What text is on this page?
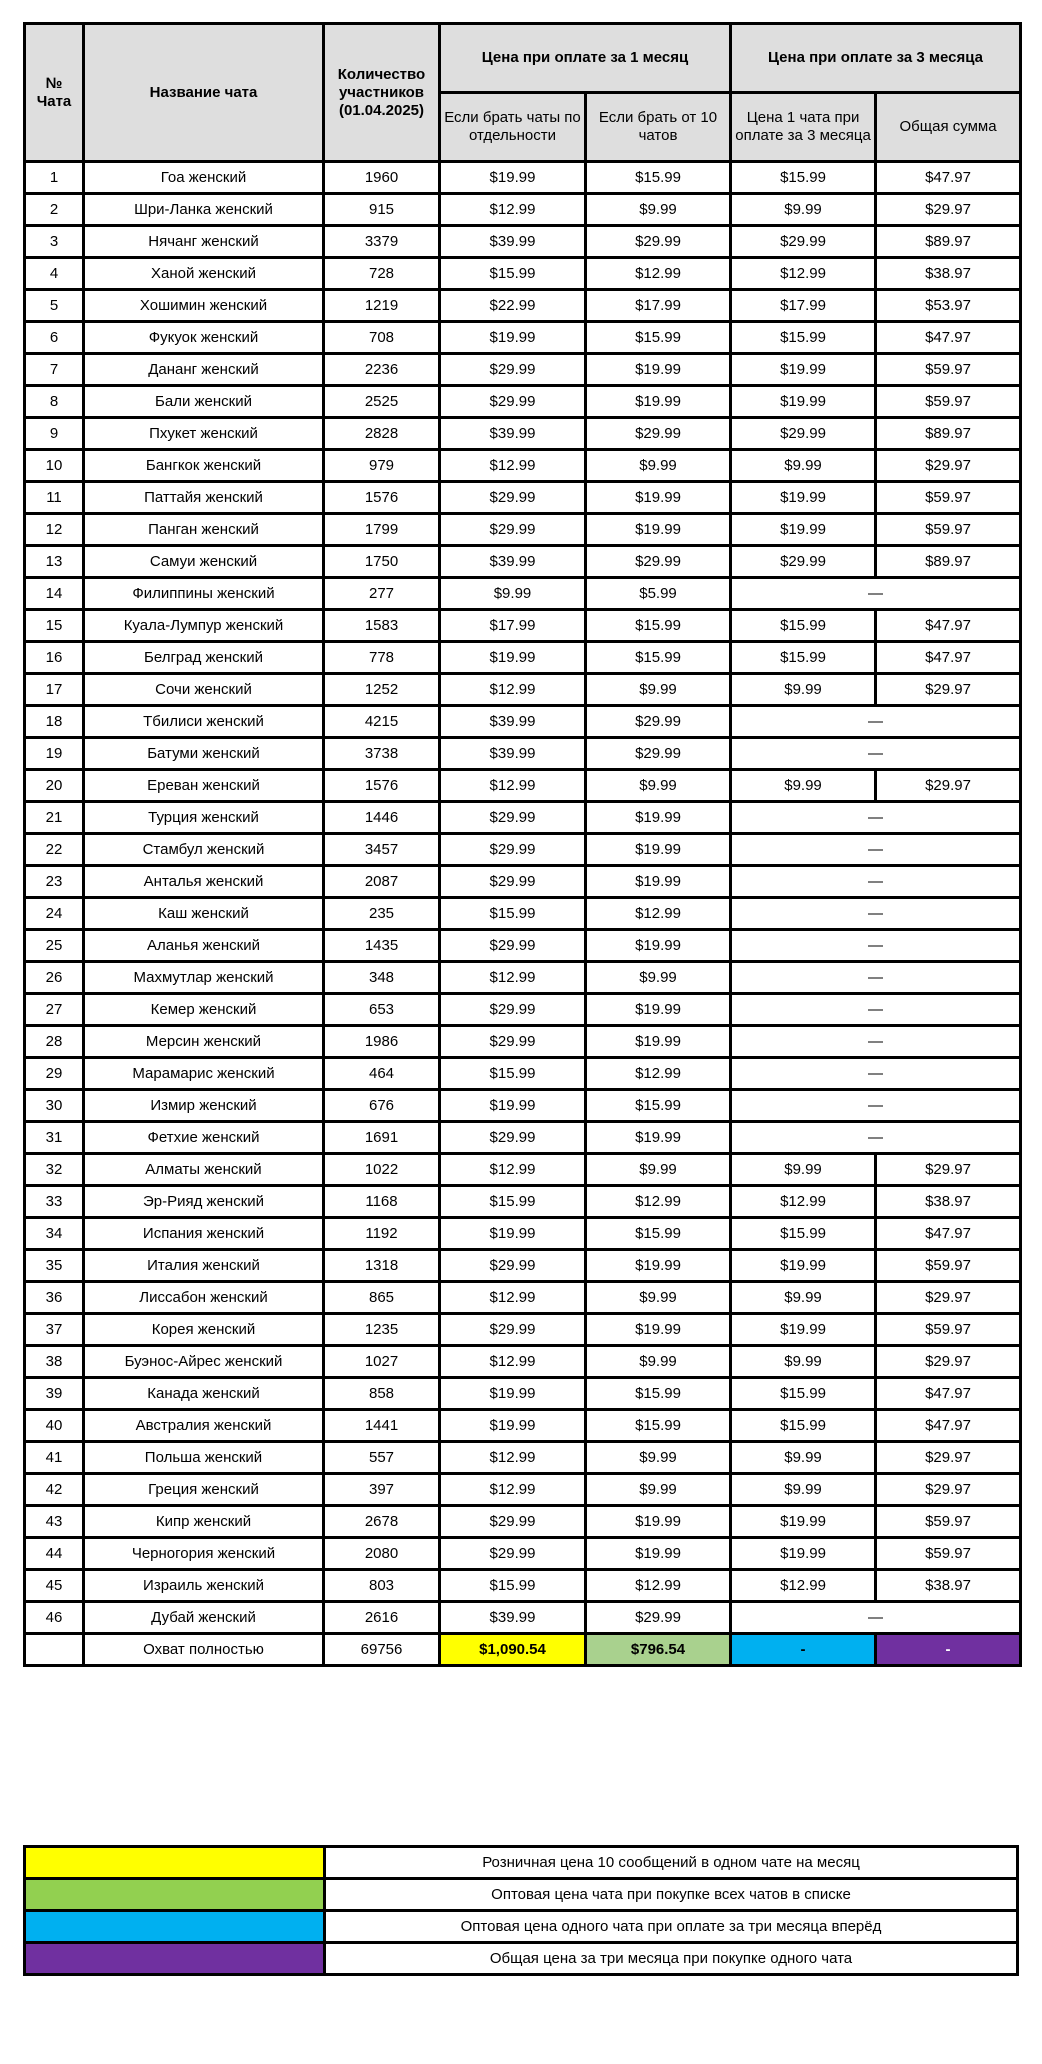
№ Чата	Название чата	Количество участников (01.04.2025)	Цена при оплате за 1 месяц		Цена при оплате за 3 месяца	
			Если брать чаты по отдельности	Если брать от 10 чатов	Цена 1 чата при оплате за 3 месяца	Общая сумма
1	Гоа женский	1960	$19.99	$15.99	$15.99	$47.97
2	Шри-Ланка женский	915	$12.99	$9.99	$9.99	$29.97
3	Нячанг женский	3379	$39.99	$29.99	$29.99	$89.97
4	Ханой женский	728	$15.99	$12.99	$12.99	$38.97
5	Хошимин женский	1219	$22.99	$17.99	$17.99	$53.97
6	Фукуок женский	708	$19.99	$15.99	$15.99	$47.97
7	Дананг женский	2236	$29.99	$19.99	$19.99	$59.97
8	Бали женский	2525	$29.99	$19.99	$19.99	$59.97
9	Пхукет женский	2828	$39.99	$29.99	$29.99	$89.97
10	Бангкок женский	979	$12.99	$9.99	$9.99	$29.97
11	Паттайя женский	1576	$29.99	$19.99	$19.99	$59.97
12	Панган женский	1799	$29.99	$19.99	$19.99	$59.97
13	Самуи женский	1750	$39.99	$29.99	$29.99	$89.97
14	Филиппины женский	277	$9.99	$5.99	—	
15	Куала-Лумпур женский	1583	$17.99	$15.99	$15.99	$47.97
16	Белград женский	778	$19.99	$15.99	$15.99	$47.97
17	Сочи женский	1252	$12.99	$9.99	$9.99	$29.97
18	Тбилиси женский	4215	$39.99	$29.99	—	
19	Батуми женский	3738	$39.99	$29.99	—	
20	Ереван женский	1576	$12.99	$9.99	$9.99	$29.97
21	Турция женский	1446	$29.99	$19.99	—	
22	Стамбул женский	3457	$29.99	$19.99	—	
23	Анталья женский	2087	$29.99	$19.99	—	
24	Каш женский	235	$15.99	$12.99	—	
25	Аланья женский	1435	$29.99	$19.99	—	
26	Махмутлар женский	348	$12.99	$9.99	—	
27	Кемер женский	653	$29.99	$19.99	—	
28	Мерсин женский	1986	$29.99	$19.99	—	
29	Марамарис женский	464	$15.99	$12.99	—	
30	Измир женский	676	$19.99	$15.99	—	
31	Фетхие женский	1691	$29.99	$19.99	—	
32	Алматы женский	1022	$12.99	$9.99	$9.99	$29.97
33	Эр-Рияд женский	1168	$15.99	$12.99	$12.99	$38.97
34	Испания женский	1192	$19.99	$15.99	$15.99	$47.97
35	Италия женский	1318	$29.99	$19.99	$19.99	$59.97
36	Лиссабон женский	865	$12.99	$9.99	$9.99	$29.97
37	Корея женский	1235	$29.99	$19.99	$19.99	$59.97
38	Буэнос-Айрес женский	1027	$12.99	$9.99	$9.99	$29.97
39	Канада женский	858	$19.99	$15.99	$15.99	$47.97
40	Австралия женский	1441	$19.99	$15.99	$15.99	$47.97
41	Польша женский	557	$12.99	$9.99	$9.99	$29.97
42	Греция женский	397	$12.99	$9.99	$9.99	$29.97
43	Кипр женский	2678	$29.99	$19.99	$19.99	$59.97
44	Черногория женский	2080	$29.99	$19.99	$19.99	$59.97
45	Израиль женский	803	$15.99	$12.99	$12.99	$38.97
46	Дубай женский	2616	$39.99	$29.99	—	
	Охват полностью	69756	$1,090.54	$796.54	-	-
	Розничная цена 10 сообщений в одном чате на месяц
	Оптовая цена чата при покупке всех чатов в списке
	Оптовая цена одного чата при оплате за три месяца вперёд
	Общая цена за три месяца при покупке одного чата
